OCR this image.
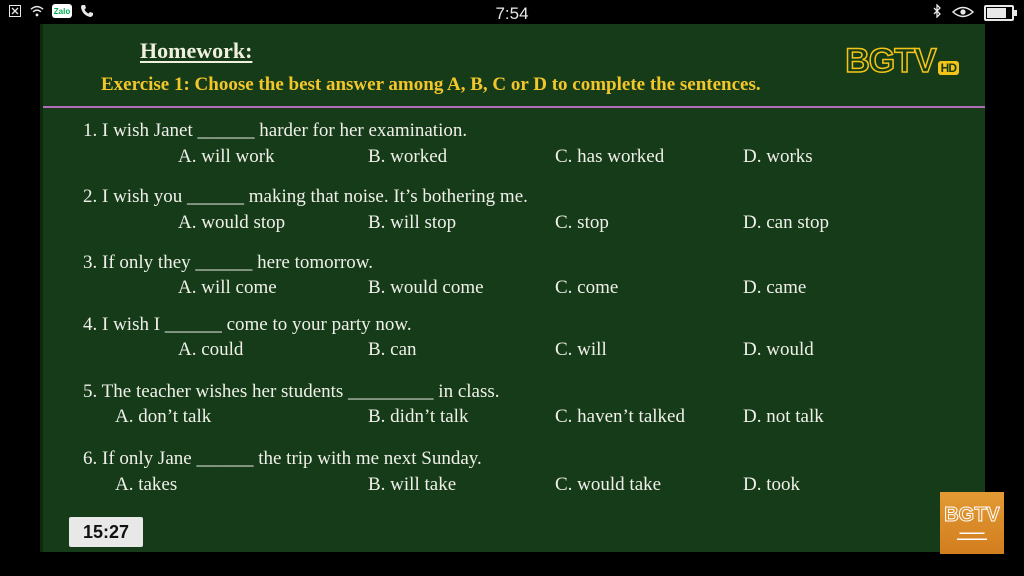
Zalo	7:54
Homework:
Exercise 1: Choose the best answer among A, B, C or D to complete the sentences.
BGTV HD
1. I wish Janet ______ harder for her examination.
A. will work	B. worked	C. has worked	D. works
2. I wish you ______ making that noise. It’s bothering me.
A. would stop	B. will stop	C. stop	D. can stop
3. If only they ______ here tomorrow.
A. will come	B. would come	C. come	D. came
4. I wish I ______ come to your party now.
A. could	B. can	C. will	D. would
5. The teacher wishes her students _________ in class.
A. don’t talk	B. didn’t talk	C. haven’t talked	D. not talk
6. If only Jane ______ the trip with me next Sunday.
A. takes	B. will take	C. would take	D. took
15:27
BGTV
▬▬▬▬▬
▬▬▬▬▬▬
